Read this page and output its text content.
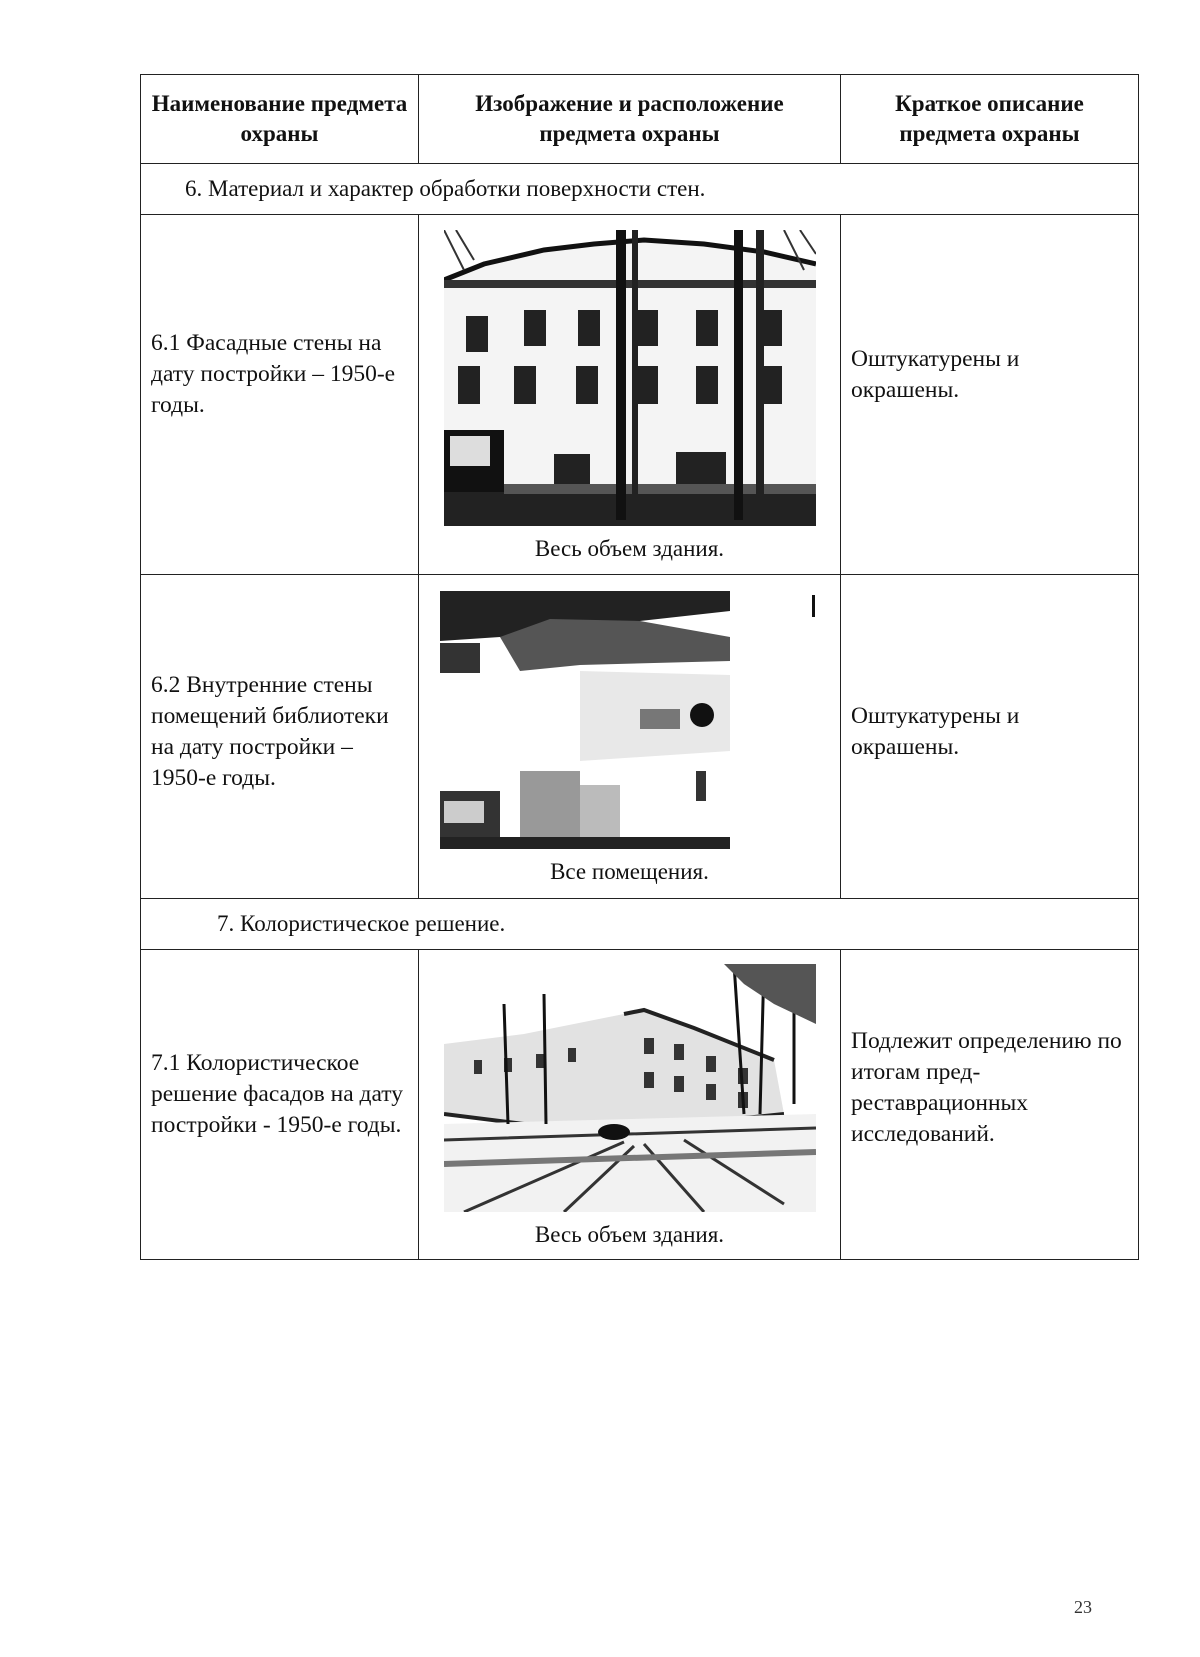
Наименование предмета охраны	Изображение и расположение предмета охраны	Краткое описание предмета охраны

6. Материал и характер обработки поверхности стен.		

6.1 Фасадные стены на дату постройки – 1950-е годы.	Весь объем здания.	Оштукатурены и окрашены.
6.2 Внутренние стены помещений библиотеки на дату постройки – 1950-е годы.	Все помещения.	Оштукатурены и окрашены.

7. Колористическое решение.		

7.1 Колористическое решение фасадов на дату постройки - 1950-е годы.	Весь объем здания.	Подлежит определению по итогам пред-реставрационных исследований.
23
